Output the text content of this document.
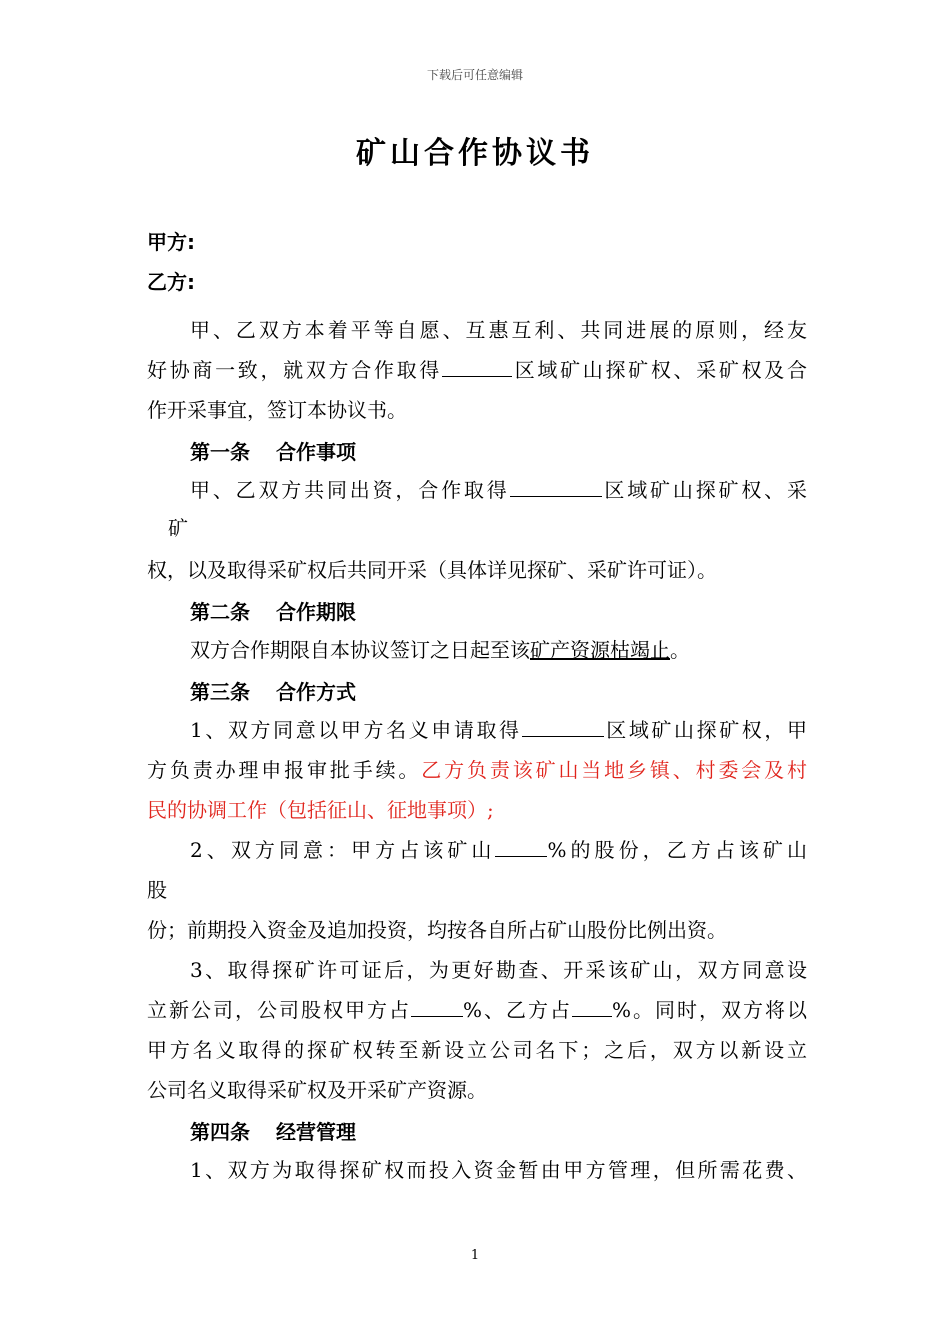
下载后可任意编辑
矿山合作协议书
甲方:
乙方:
甲、乙双方本着平等自愿、互惠互利、共同进展的原则，经友
好协商一致，就双方合作取得	区域矿山探矿权、采矿权及合
作开采事宜，签订本协议书。
第一条 合作事项
甲、乙双方共同出资，合作取得	区域矿山探矿权、采
矿
权，以及取得采矿权后共同开采（具体详见探矿、采矿许可证）。
第二条 合作期限
双方合作期限自本协议签订之日起至该矿产资源枯竭止。
第三条 合作方式
1、双方同意以甲方名义申请取得	区域矿山探矿权，甲
方负责办理申报审批手续。乙方负责该矿山当地乡镇、村委会及村
民的协调工作（包括征山、征地事项）;
2、双方同意：甲方占该矿山	%的股份，乙方占该矿山
股
份；前期投入资金及追加投资，均按各自所占矿山股份比例出资。
3、取得探矿许可证后，为更好勘查、开采该矿山，双方同意设
立新公司，公司股权甲方占	%、乙方占 %。同时，双方将以
甲方名义取得的探矿权转至新设立公司名下；之后，双方以新设立
公司名义取得采矿权及开采矿产资源。
第四条 经营管理
1、双方为取得探矿权而投入资金暂由甲方管理，但所需花费、
1
